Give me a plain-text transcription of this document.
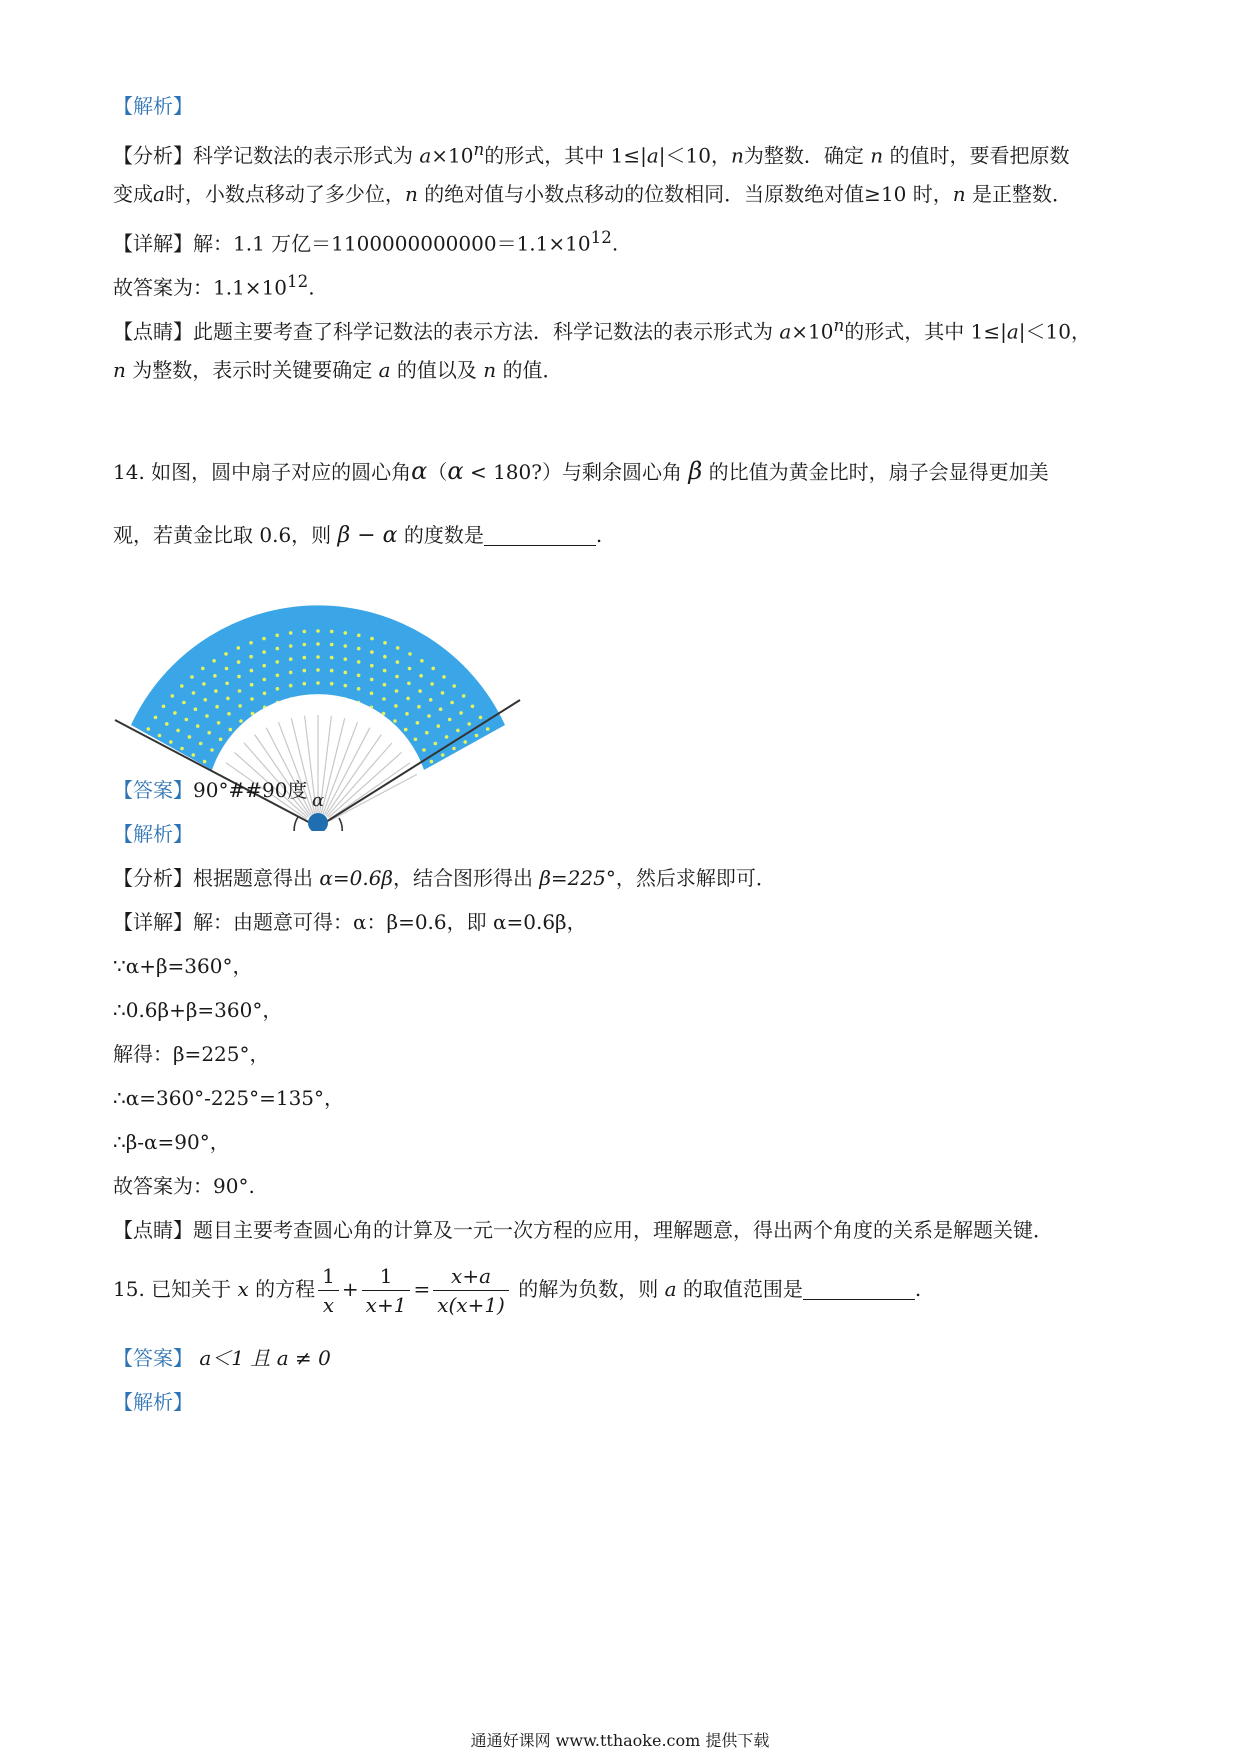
【解析】
【分析】科学记数法的表示形式为 $a\times 10^n$的形式，其中 1≤|a|＜10，n为整数．确定 n 的值时，要看把原数
变成a时，小数点移动了多少位，n 的绝对值与小数点移动的位数相同．当原数绝对值≥10 时，n 是正整数．
【详解】解：1.1 万亿$=1100000000000=1.1\times 10^{12}$.
故答案为：$1.1\times 10^{12}$.
【点睛】此题主要考查了科学记数法的表示方法．科学记数法的表示形式为 $a\times 10^n$的形式，其中 1≤|a|＜10，
n 为整数，表示时关键要确定 a 的值以及 n 的值．
14. 如图，圆中扇子对应的圆心角α（α < 180?）与剩余圆心角 β 的比值为黄金比时，扇子会显得更加美
观，若黄金比取 0.6，则 β − α 的度数是	.
α
【答案】90°##90度
【解析】
【分析】根据题意得出 α=0.6β，结合图形得出 β=225°，然后求解即可．
【详解】解：由题意可得：α：β=0.6，即 α=0.6β，
∵α+β=360°，
∴0.6β+β=360°，
解得：β=225°，
∴α=360°-225°=135°，
∴β-α=90°，
故答案为：90°.
【点睛】题目主要考查圆心角的计算及一元一次方程的应用，理解题意，得出两个角度的关系是解题关键．
15. 已知关于 x 的方程 $\frac{1}{x} + \frac{1}{x+1} = \frac{x+a}{x(x+1)}$ 的解为负数，则 a 的取值范围是	.
【答案】 a＜1 且 a ≠ 0
【解析】
通通好课网 www.tthaoke.com 提供下载
